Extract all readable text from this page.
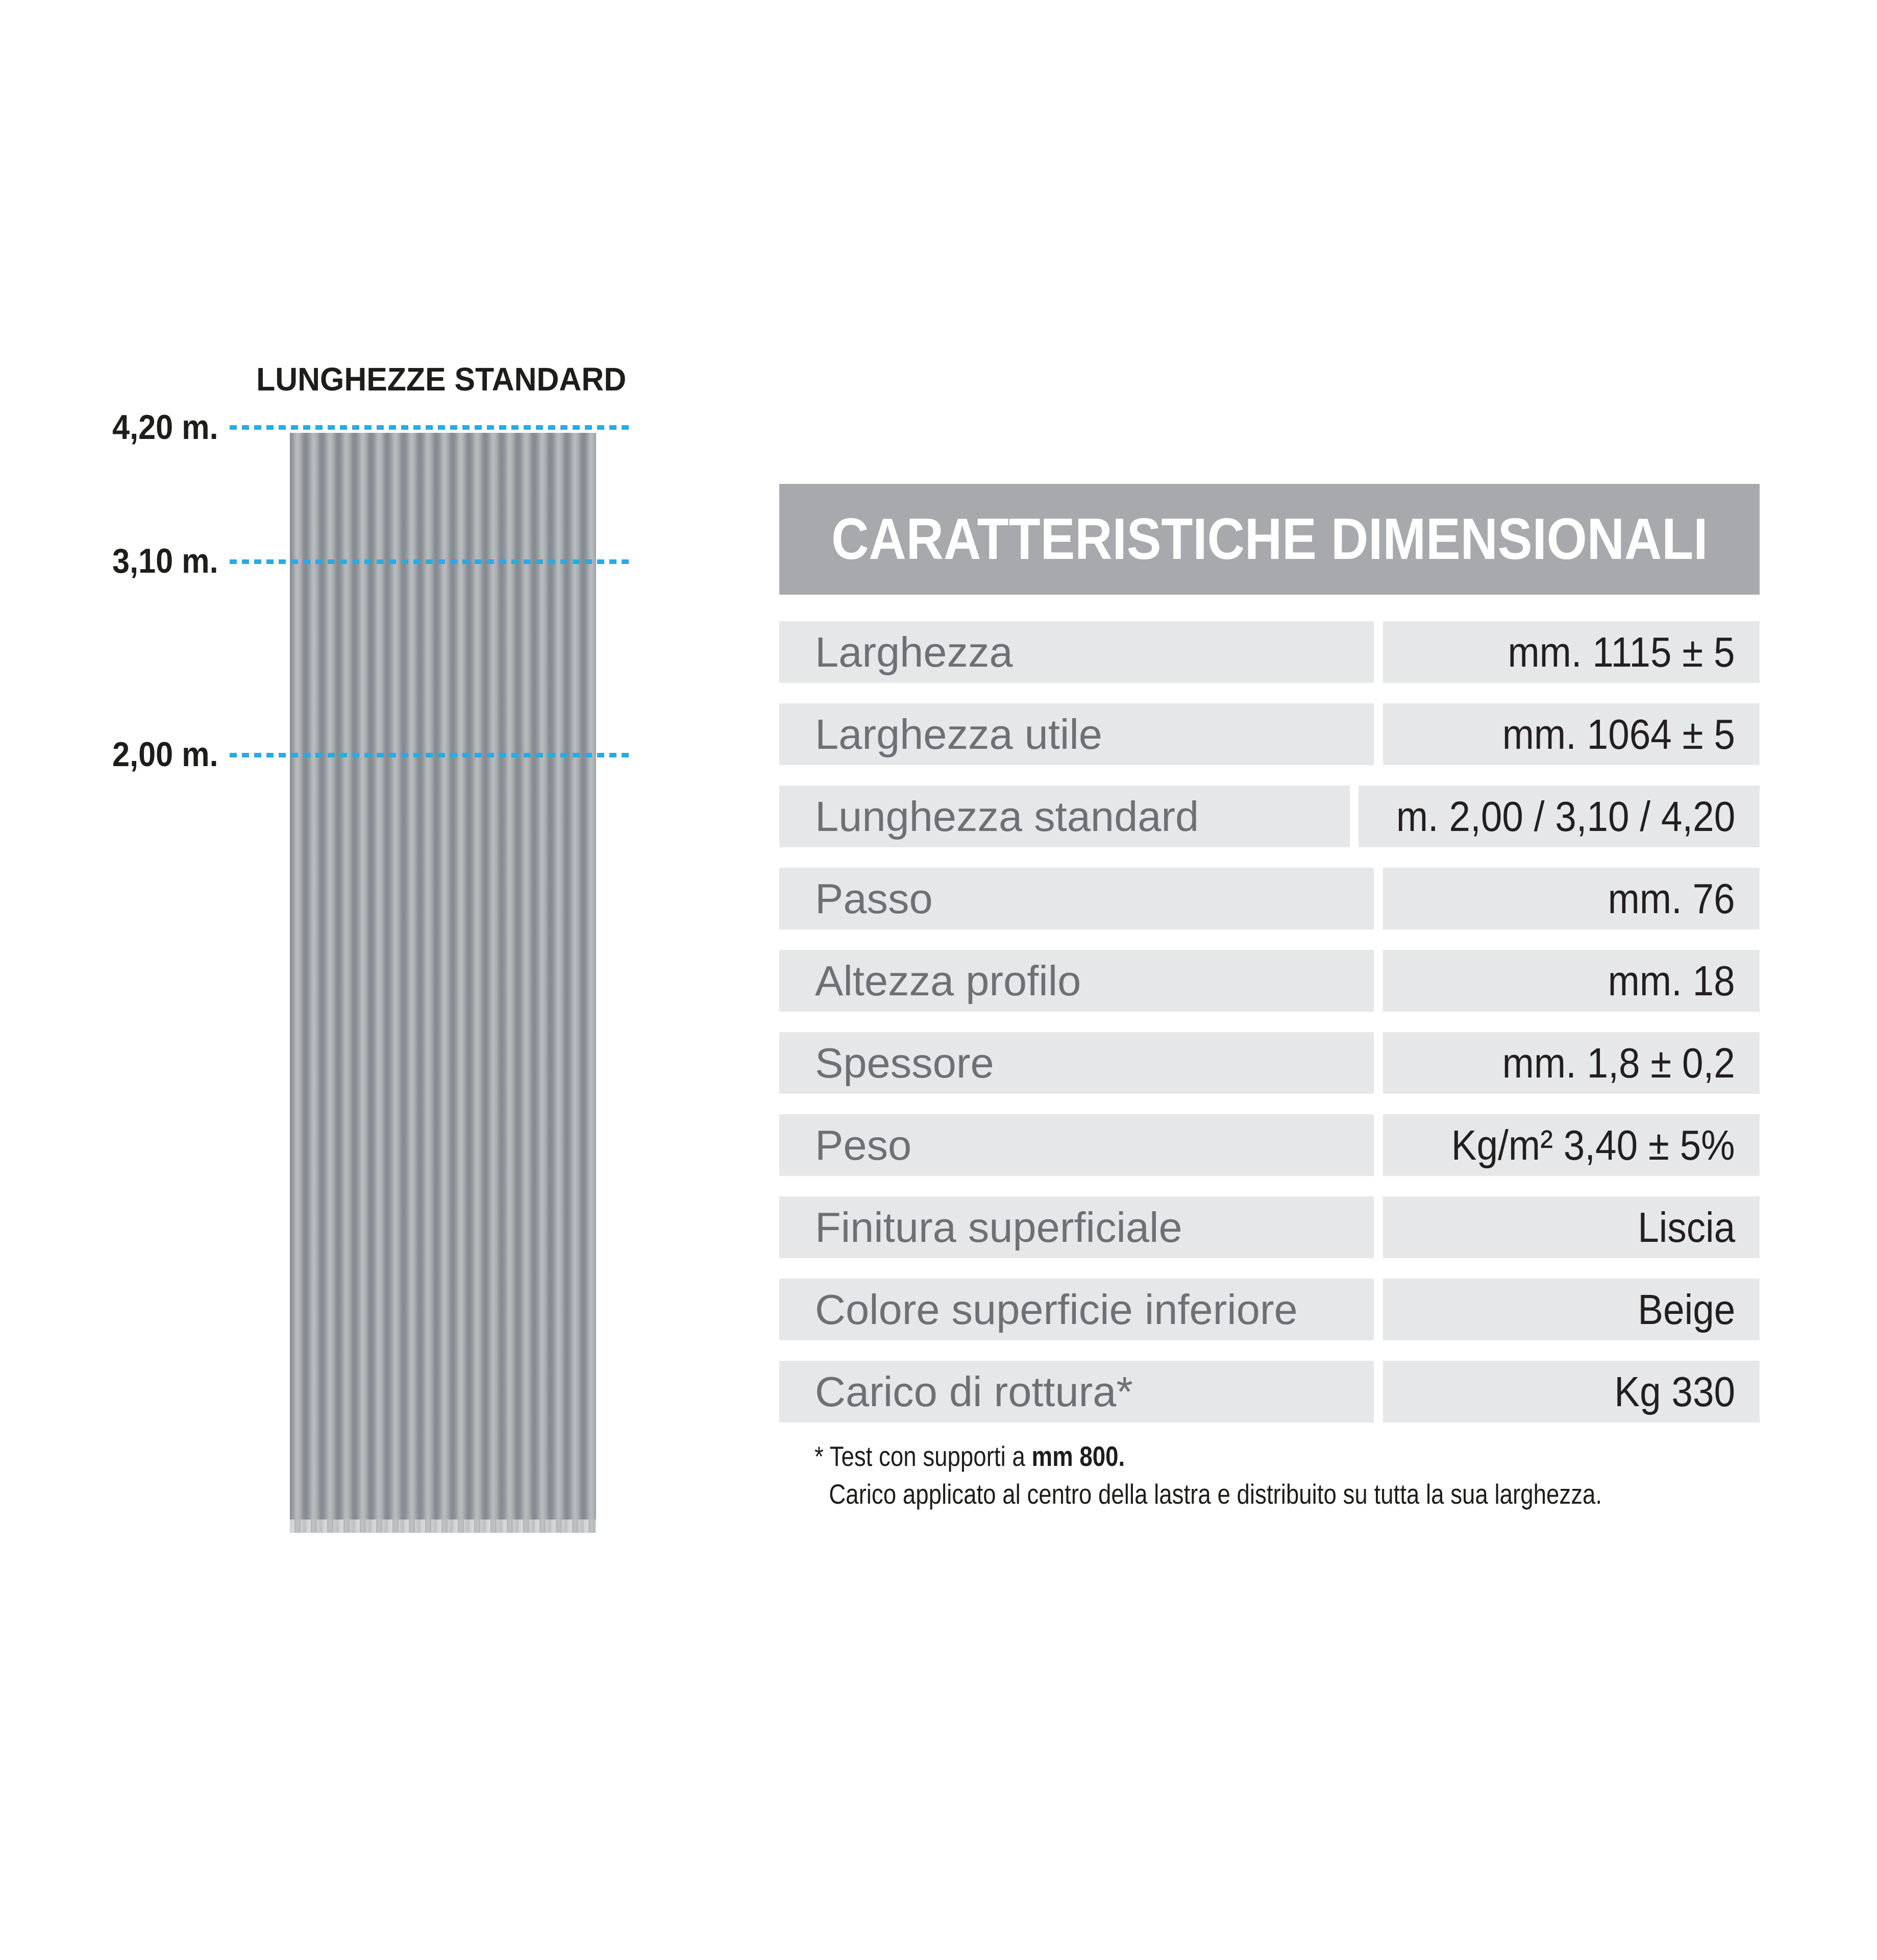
LUNGHEZZE STANDARD
4,20 m.
3,10 m.
2,00 m.
CARATTERISTICHE DIMENSIONALI
Larghezza	mm. 1115 ± 5
Larghezza utile	mm. 1064 ± 5
Lunghezza standard	m. 2,00 / 3,10 / 4,20
Passo	mm. 76
Altezza profilo	mm. 18
Spessore	mm. 1,8 ± 0,2
Peso	Kg/m² 3,40 ± 5%
Finitura superficiale	Liscia
Colore superficie inferiore	Beige
Carico di rottura*	Kg 330
* Test con supporti a mm 800.
Carico applicato al centro della lastra e distribuito su tutta la sua larghezza.
